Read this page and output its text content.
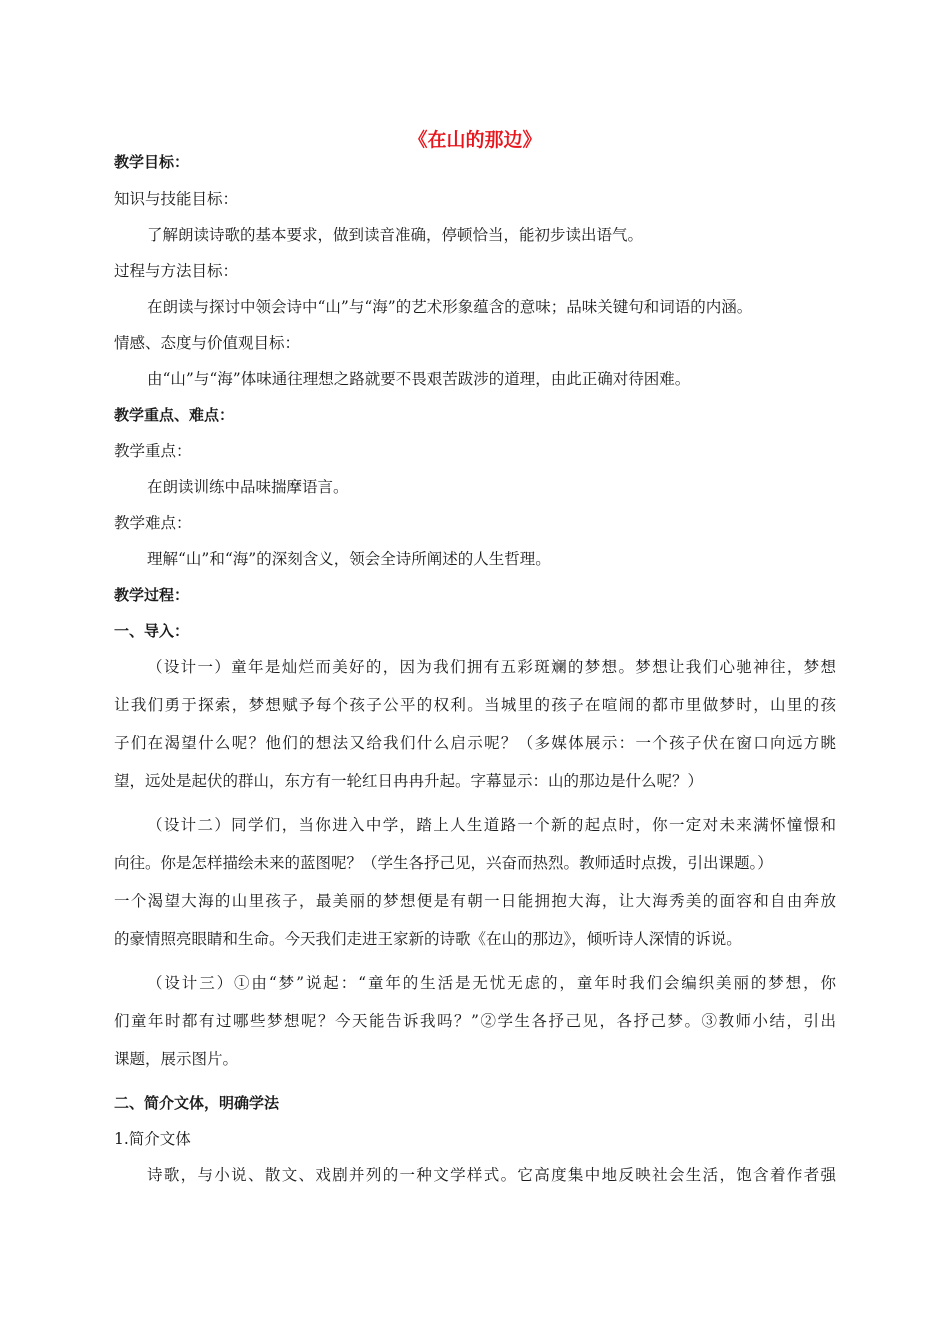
《在山的那边》
教学目标：
知识与技能目标：
了解朗读诗歌的基本要求，做到读音准确，停顿恰当，能初步读出语气。
过程与方法目标：
在朗读与探讨中领会诗中“山”与“海”的艺术形象蕴含的意味；品味关键句和词语的内涵。
情感、态度与价值观目标：
由“山”与“海”体味通往理想之路就要不畏艰苦跋涉的道理，由此正确对待困难。
教学重点、难点：
教学重点：
在朗读训练中品味揣摩语言。
教学难点：
理解“山”和“海”的深刻含义，领会全诗所阐述的人生哲理。
教学过程：
一、导入：
（设计一）童年是灿烂而美好的，因为我们拥有五彩斑斓的梦想。梦想让我们心驰神往，梦想
让我们勇于探索，梦想赋予每个孩子公平的权利。当城里的孩子在喧闹的都市里做梦时，山里的孩
子们在渴望什么呢？他们的想法又给我们什么启示呢？（多媒体展示：一个孩子伏在窗口向远方眺
望，远处是起伏的群山，东方有一轮红日冉冉升起。字幕显示：山的那边是什么呢？）
（设计二）同学们，当你进入中学，踏上人生道路一个新的起点时，你一定对未来满怀憧憬和
向往。你是怎样描绘未来的蓝图呢？（学生各抒己见，兴奋而热烈。教师适时点拨，引出课题。）
一个渴望大海的山里孩子，最美丽的梦想便是有朝一日能拥抱大海，让大海秀美的面容和自由奔放
的豪情照亮眼睛和生命。今天我们走进王家新的诗歌《在山的那边》，倾听诗人深情的诉说。
（设计三）①由“梦”说起：“童年的生活是无忧无虑的，童年时我们会编织美丽的梦想，你
们童年时都有过哪些梦想呢？今天能告诉我吗？”②学生各抒己见，各抒己梦。③教师小结，引出
课题，展示图片。
二、简介文体，明确学法
1.简介文体
诗歌，与小说、散文、戏剧并列的一种文学样式。它高度集中地反映社会生活，饱含着作者强
